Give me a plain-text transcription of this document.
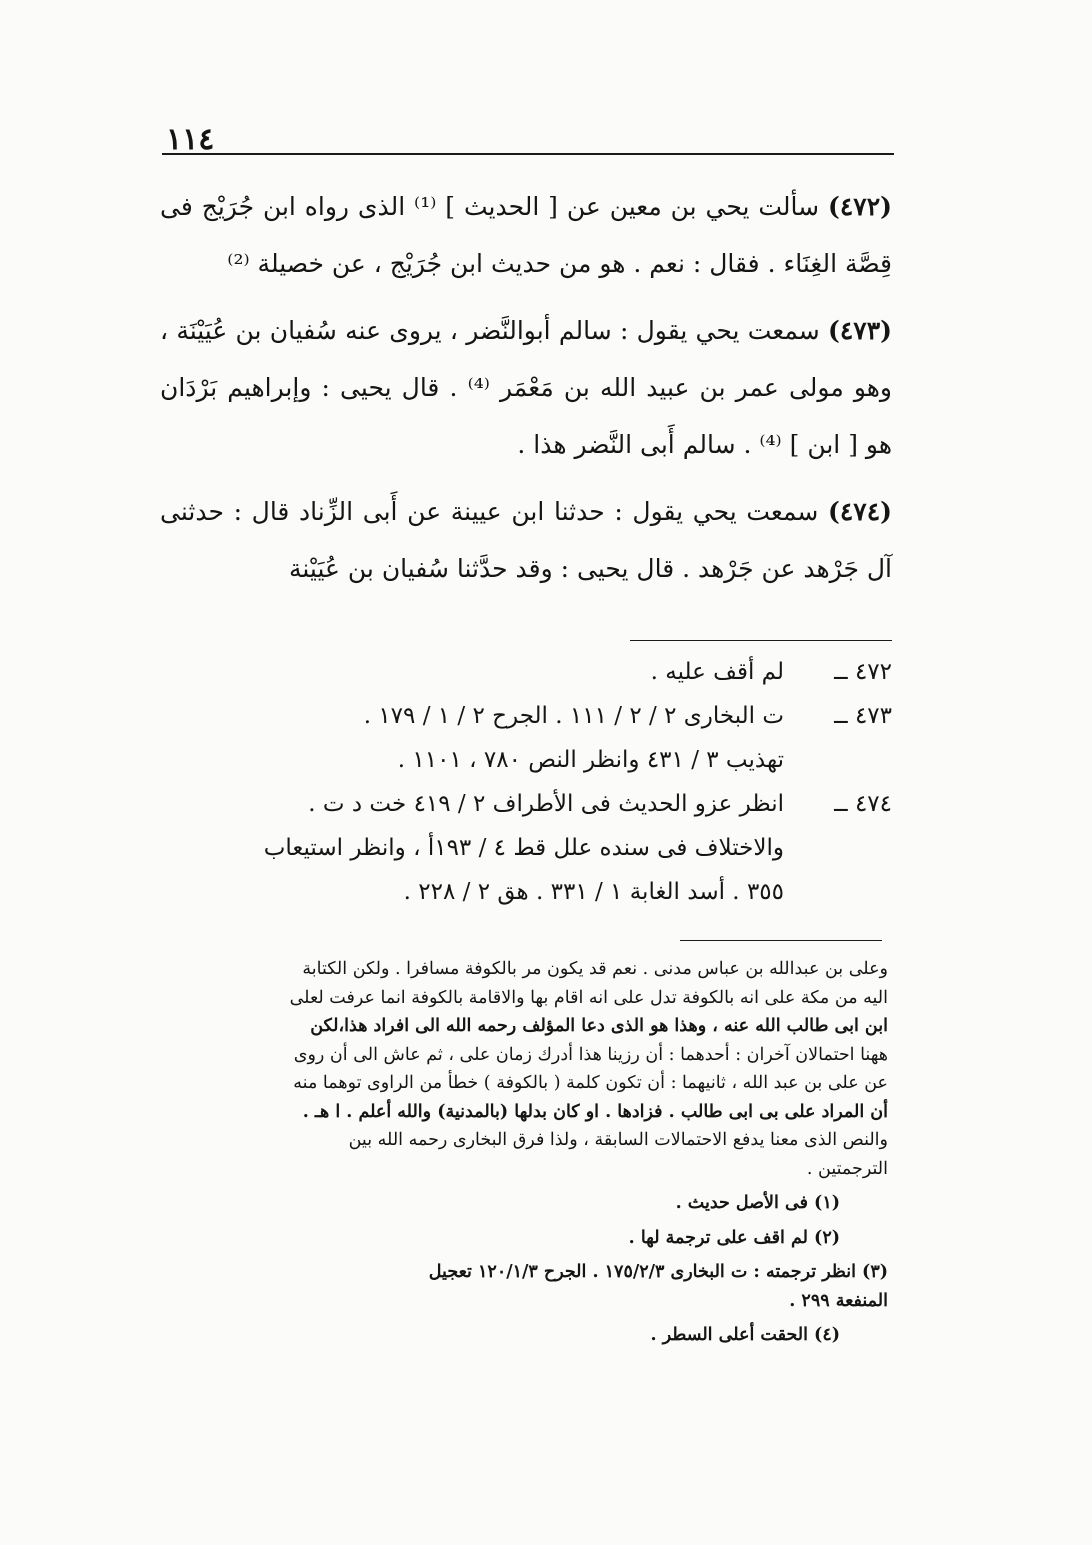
١١٤

(٤٧٢) سألت يحي بن معين عن [ الحديث ] ⁽¹⁾ الذى رواه ابن جُرَيْج فى قِصَّة الغِنَاء . فقال : نعم . هو من حديث ابن جُرَيْج ، عن خصيلة ⁽²⁾

(٤٧٣) سمعت يحي يقول : سالم أبوالنَّضر ، يروى عنه سُفيان بن عُيَيْنَة ، وهو مولى عمر بن عبيد الله بن مَعْمَر ⁽⁴⁾ . قال يحيى : وإبراهيم بَرْدَان هو [ ابن ] ⁽⁴⁾ . سالم أَبى النَّضر هذا .

(٤٧٤) سمعت يحي يقول : حدثنا ابن عيينة عن أَبى الزِّناد قال : حدثنى آل جَرْهد عن جَرْهد . قال يحيى : وقد حدَّثنا سُفيان بن عُيَيْنة

٤٧٢ ــ
لم أقف عليه .
٤٧٣ ــ
ت البخارى ٢ / ٢ / ١١١ . الجرح ٢ / ١ / ١٧٩ .
تهذيب ٣ / ٤٣١ وانظر النص ٧٨٠ ، ١١٠١ .
٤٧٤ ــ
انظر عزو الحديث فى الأطراف ٢ / ٤١٩ خت د ت .
والاختلاف فى سنده علل قط ٤ / ١٩٣أ ، وانظر استيعاب
٣٥٥ . أسد الغابة ١ / ٣٣١ . هق ٢ / ٢٢٨ .
وعلى بن عبدالله بن عباس مدنى . نعم قد يكون مر بالكوفة مسافرا . ولكن الكتابة
اليه من مكة على انه بالكوفة تدل على انه اقام بها والاقامة بالكوفة انما عرفت لعلى
ابن ابى طالب الله عنه ، وهذا هو الذى دعا المؤلف رحمه الله الى افراد هذا،لكن
ههنا احتمالان آخران : أحدهما : أن رزينا هذا أدرك زمان على ، ثم عاش الى أن روى
عن على بن عبد الله ، ثانيهما : أن تكون كلمة ( بالكوفة ) خطأ من الراوى توهما منه
أن المراد على بى ابى طالب . فزادها . او كان بدلها (بالمدنية) والله أعلم . ا هـ .
والنص الذى معنا يدفع الاحتمالات السابقة ، ولذا فرق البخارى رحمه الله بين
الترجمتين .
(١) فى الأصل حديث .
(٢) لم اقف على ترجمة لها .
(٣) انظر ترجمته : ت البخارى ١٧٥/٢/٣ . الجرح ١٢٠/١/٣ تعجيل
المنفعة ٢٩٩ .
(٤) الحقت أعلى السطر .
